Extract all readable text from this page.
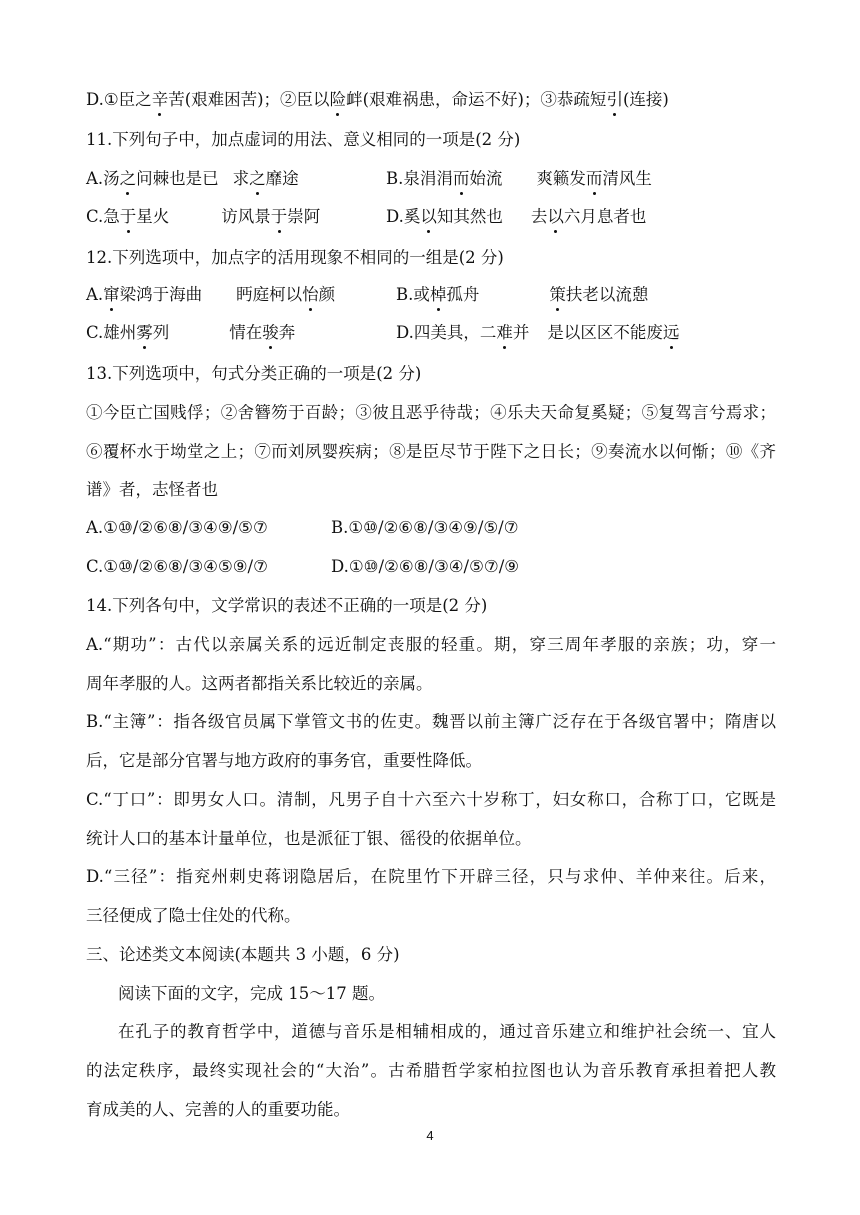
D.①臣之辛苦(艰难困苦)；②臣以险衅(艰难祸患，命运不好)；③恭疏短引(连接)
11.下列句子中，加点虚词的用法、意义相同的一项是(2 分)
A.汤之问棘也是已 求之靡途	B.泉涓涓而始流 爽籁发而清风生
C.急于星火	访风景于崇阿	D.奚以知其然也 去以六月息者也
12.下列选项中，加点字的活用现象不相同的一组是(2 分)
A.窜梁鸿于海曲 眄庭柯以怡颜	B.或棹孤舟	策扶老以流憩
C.雄州雾列	情在骏奔	D.四美具，二难并 是以区区不能废远
13.下列选项中，句式分类正确的一项是(2 分)
①今臣亡国贱俘；②舍簪笏于百龄；③彼且恶乎待哉；④乐夫天命复奚疑；⑤复驾言兮焉求；
⑥覆杯水于坳堂之上；⑦而刘夙婴疾病；⑧是臣尽节于陛下之日长；⑨奏流水以何惭；⑩《齐
谱》者，志怪者也
A.①⑩/②⑥⑧/③④⑨/⑤⑦	B.①⑩/②⑥⑧/③④⑨/⑤/⑦
C.①⑩/②⑥⑧/③④⑤⑨/⑦	D.①⑩/②⑥⑧/③④/⑤⑦/⑨
14.下列各句中，文学常识的表述不正确的一项是(2 分)
A.“期功”：古代以亲属关系的远近制定丧服的轻重。期，穿三周年孝服的亲族；功，穿一
周年孝服的人。这两者都指关系比较近的亲属。
B.“主簿”：指各级官员属下掌管文书的佐吏。魏晋以前主簿广泛存在于各级官署中；隋唐以
后，它是部分官署与地方政府的事务官，重要性降低。
C.“丁口”：即男女人口。清制，凡男子自十六至六十岁称丁，妇女称口，合称丁口，它既是
统计人口的基本计量单位，也是派征丁银、徭役的依据单位。
D.“三径”：指兖州刺史蒋诩隐居后，在院里竹下开辟三径，只与求仲、羊仲来往。后来，
三径便成了隐士住处的代称。
三、论述类文本阅读(本题共 3 小题，6 分)
阅读下面的文字，完成 15～17 题。
在孔子的教育哲学中，道德与音乐是相辅相成的，通过音乐建立和维护社会统一、宜人
的法定秩序，最终实现社会的“大治”。古希腊哲学家柏拉图也认为音乐教育承担着把人教
育成美的人、完善的人的重要功能。
4
